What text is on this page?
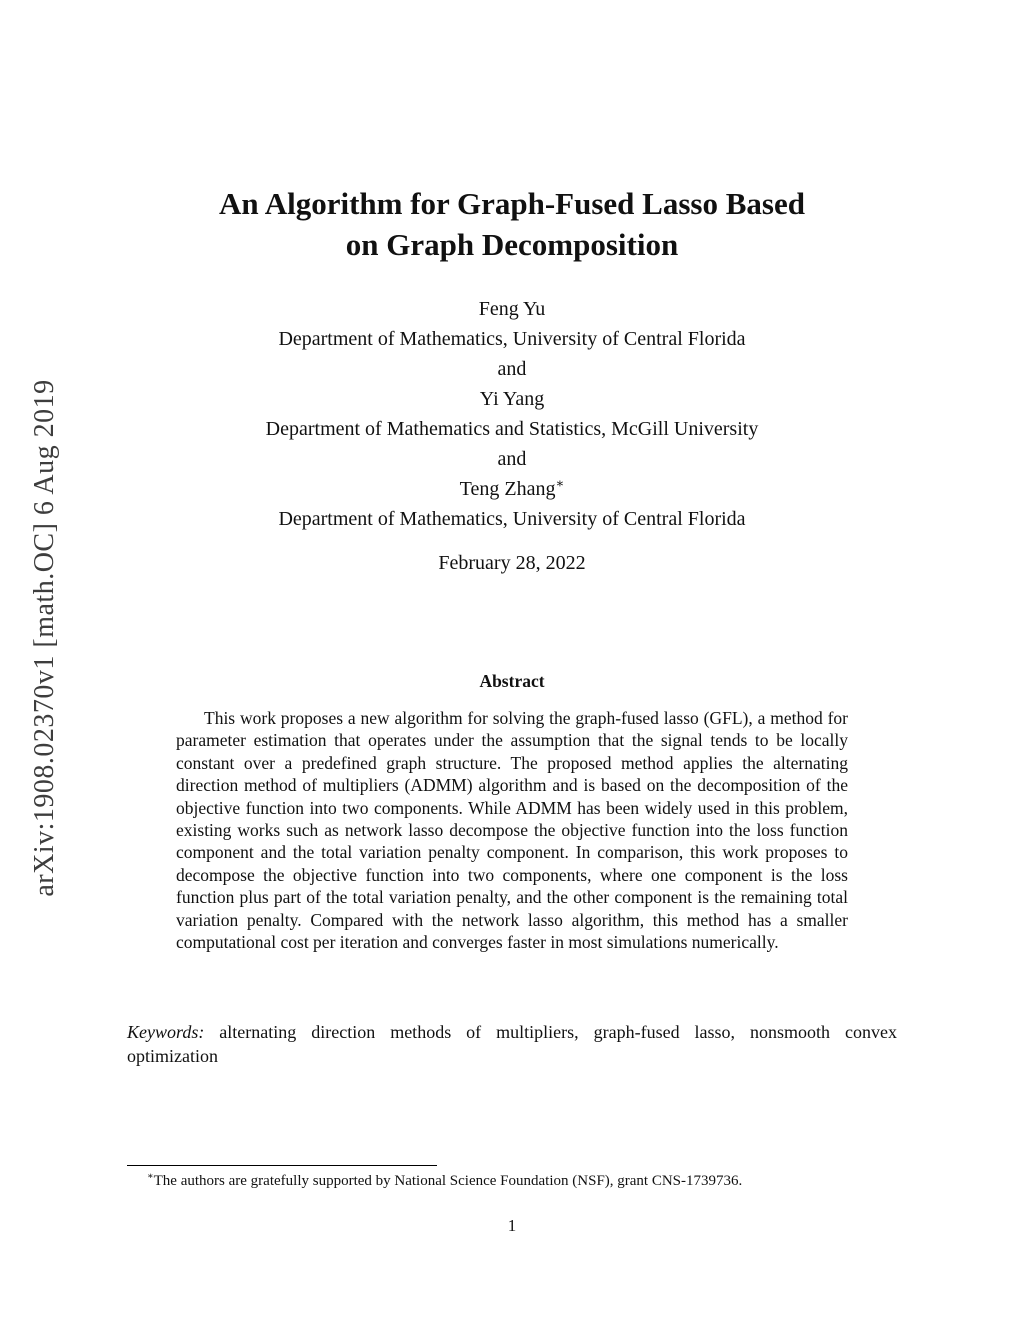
arXiv:1908.02370v1 [math.OC] 6 Aug 2019
An Algorithm for Graph-Fused Lasso Based
on Graph Decomposition
Feng Yu
Department of Mathematics, University of Central Florida
and
Yi Yang
Department of Mathematics and Statistics, McGill University
and
Teng Zhang∗
Department of Mathematics, University of Central Florida
February 28, 2022
Abstract
This work proposes a new algorithm for solving the graph-fused lasso (GFL), a method for parameter estimation that operates under the assumption that the signal tends to be locally constant over a predefined graph structure. The proposed method applies the alternating direction method of multipliers (ADMM) algorithm and is based on the decomposition of the objective function into two components. While ADMM has been widely used in this problem, existing works such as network lasso decompose the objective function into the loss function component and the total variation penalty component. In comparison, this work proposes to decompose the objective function into two components, where one component is the loss function plus part of the total variation penalty, and the other component is the remaining total variation penalty. Compared with the network lasso algorithm, this method has a smaller computational cost per iteration and converges faster in most simulations numerically.
Keywords: alternating direction methods of multipliers, graph-fused lasso, nonsmooth convex optimization
∗The authors are gratefully supported by National Science Foundation (NSF), grant CNS-1739736.
1
